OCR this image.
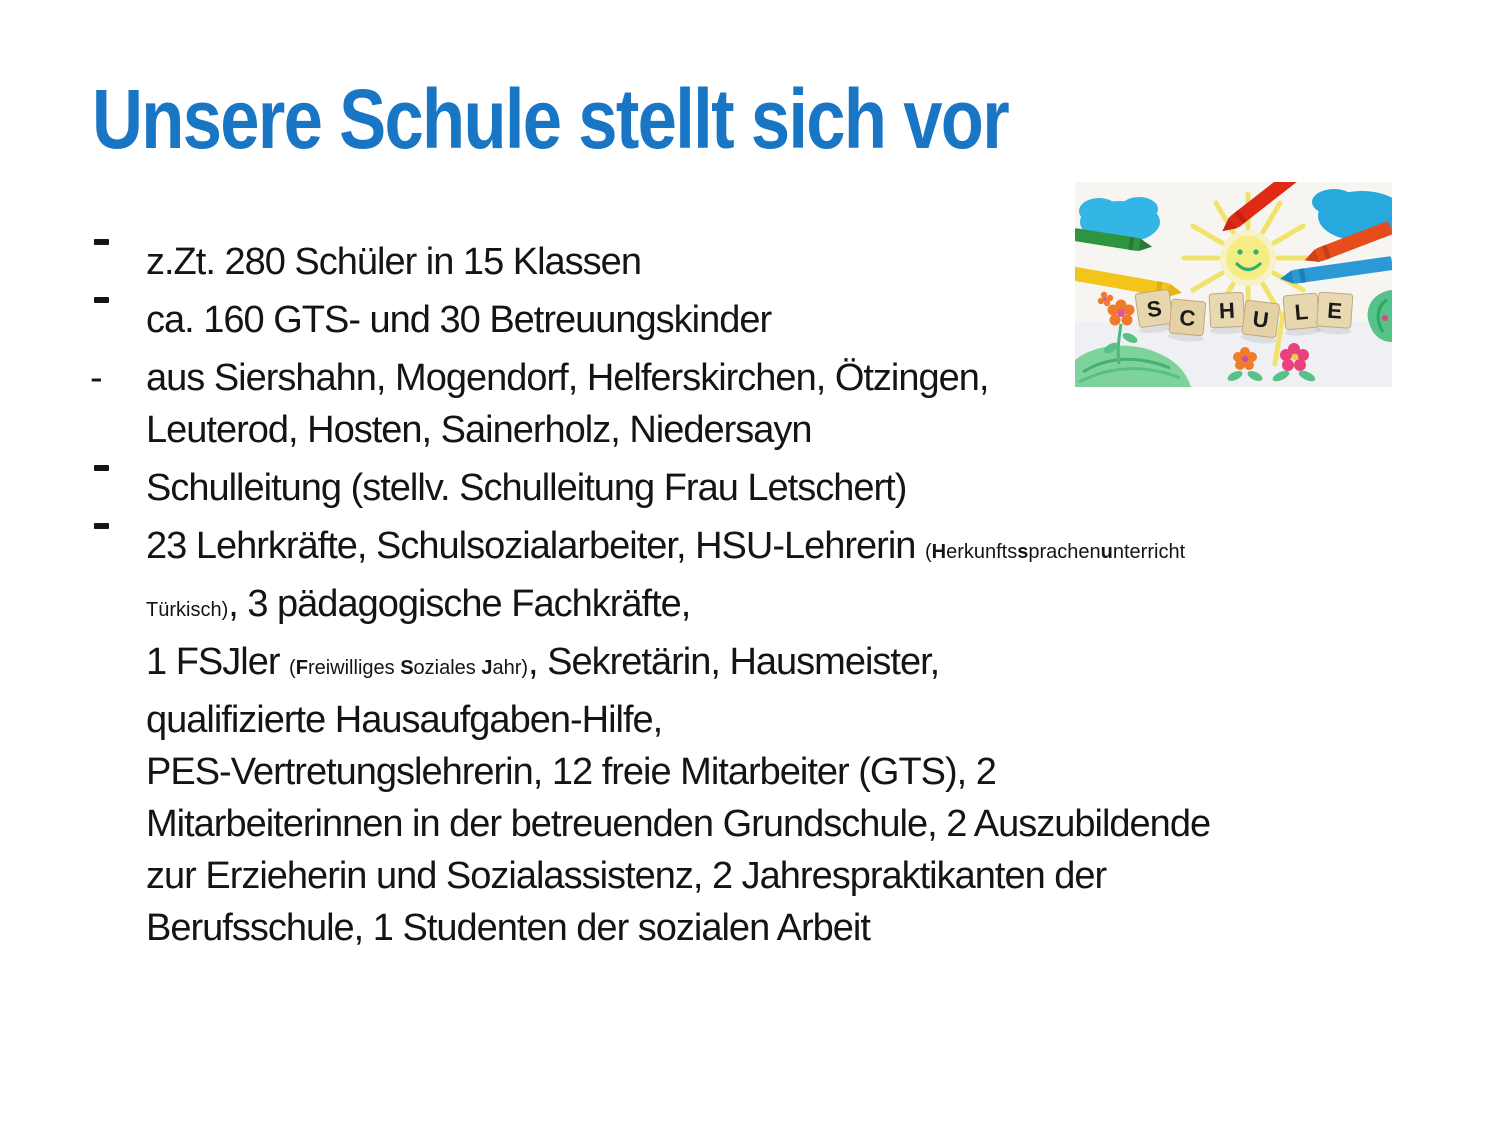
Unsere Schule stellt sich vor
z.Zt. 280 Schüler in 15 Klassen
ca. 160 GTS- und 30 Betreuungskinder
-	aus Siershahn, Mogendorf, Helferskirchen, Ötzingen,
Leuterod, Hosten, Sainerholz, Niedersayn
Schulleitung (stellv. Schulleitung Frau Letschert)
23 Lehrkräfte, Schulsozialarbeiter, HSU-Lehrerin (Herkunftssprachenunterricht
Türkisch), 3 pädagogische Fachkräfte,
1 FSJler (Freiwilliges Soziales Jahr), Sekretärin, Hausmeister,
qualifizierte Hausaufgaben-Hilfe,
PES-Vertretungslehrerin, 12 freie Mitarbeiter (GTS), 2
Mitarbeiterinnen in der betreuenden Grundschule, 2 Auszubildende
zur Erzieherin und Sozialassistenz, 2 Jahrespraktikanten der
Berufsschule, 1 Studenten der sozialen Arbeit
S C H U L E
